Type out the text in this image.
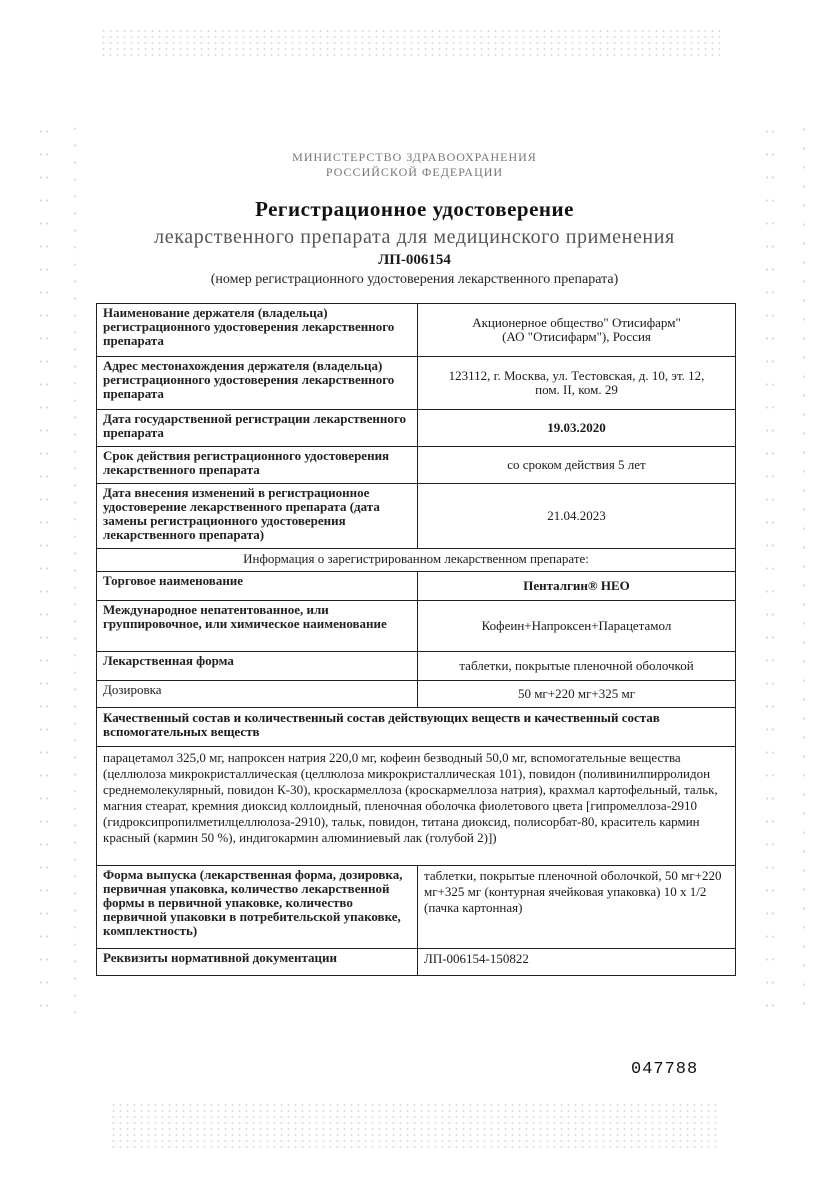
МИНИСТЕРСТВО ЗДРАВООХРАНЕНИЯ
РОССИЙСКОЙ ФЕДЕРАЦИИ
Регистрационное удостоверение
лекарственного препарата для медицинского применения
ЛП-006154
(номер регистрационного удостоверения лекарственного препарата)
Наименование держателя (владельца) регистрационного удостоверения лекарственного препарата	Акционерное общество" Отисифарм"
(АО "Отисифарм"), Россия

Адрес местонахождения держателя (владельца) регистрационного удостоверения лекарственного препарата	123112, г. Москва, ул. Тестовская, д. 10, эт. 12,
пом. II, ком. 29

Дата государственной регистрации лекарственного препарата	19.03.2020
Срок действия регистрационного удостоверения лекарственного препарата	со сроком действия 5 лет
Дата внесения изменений в регистрационное удостоверение лекарственного препарата (дата замены регистрационного удостоверения лекарственного препарата)	21.04.2023
Информация о зарегистрированном лекарственном препарате:	
Торговое наименование	Пенталгин® НЕО
Международное непатентованное, или группировочное, или химическое наименование	Кофеин+Напроксен+Парацетамол
Лекарственная форма	таблетки, покрытые пленочной оболочкой
Дозировка	50 мг+220 мг+325 мг
Качественный состав и количественный состав действующих веществ и качественный состав вспомогательных веществ	
парацетамол 325,0 мг, напроксен натрия 220,0 мг, кофеин безводный 50,0 мг, вспомогательные вещества (целлюлоза микрокристаллическая (целлюлоза микрокристаллическая 101), повидон (поливинилпирролидон среднемолекулярный, повидон К-30), кроскармеллоза (кроскармеллоза натрия), крахмал картофельный, тальк, магния стеарат, кремния диоксид коллоидный, пленочная оболочка фиолетового цвета [гипромеллоза-2910 (гидроксипропилметилцеллюлоза-2910), тальк, повидон, титана диоксид, полисорбат-80, краситель кармин красный (кармин 50 %), индигокармин алюминиевый лак (голубой 2)])	
Форма выпуска (лекарственная форма, дозировка, первичная упаковка, количество лекарственной формы в первичной упаковке, количество первичной упаковки в потребительской упаковке, комплектность)	таблетки, покрытые пленочной оболочкой, 50 мг+220 мг+325 мг (контурная ячейковая упаковка) 10 х 1/2 (пачка картонная)
Реквизиты нормативной документации	ЛП-006154-150822
047788
